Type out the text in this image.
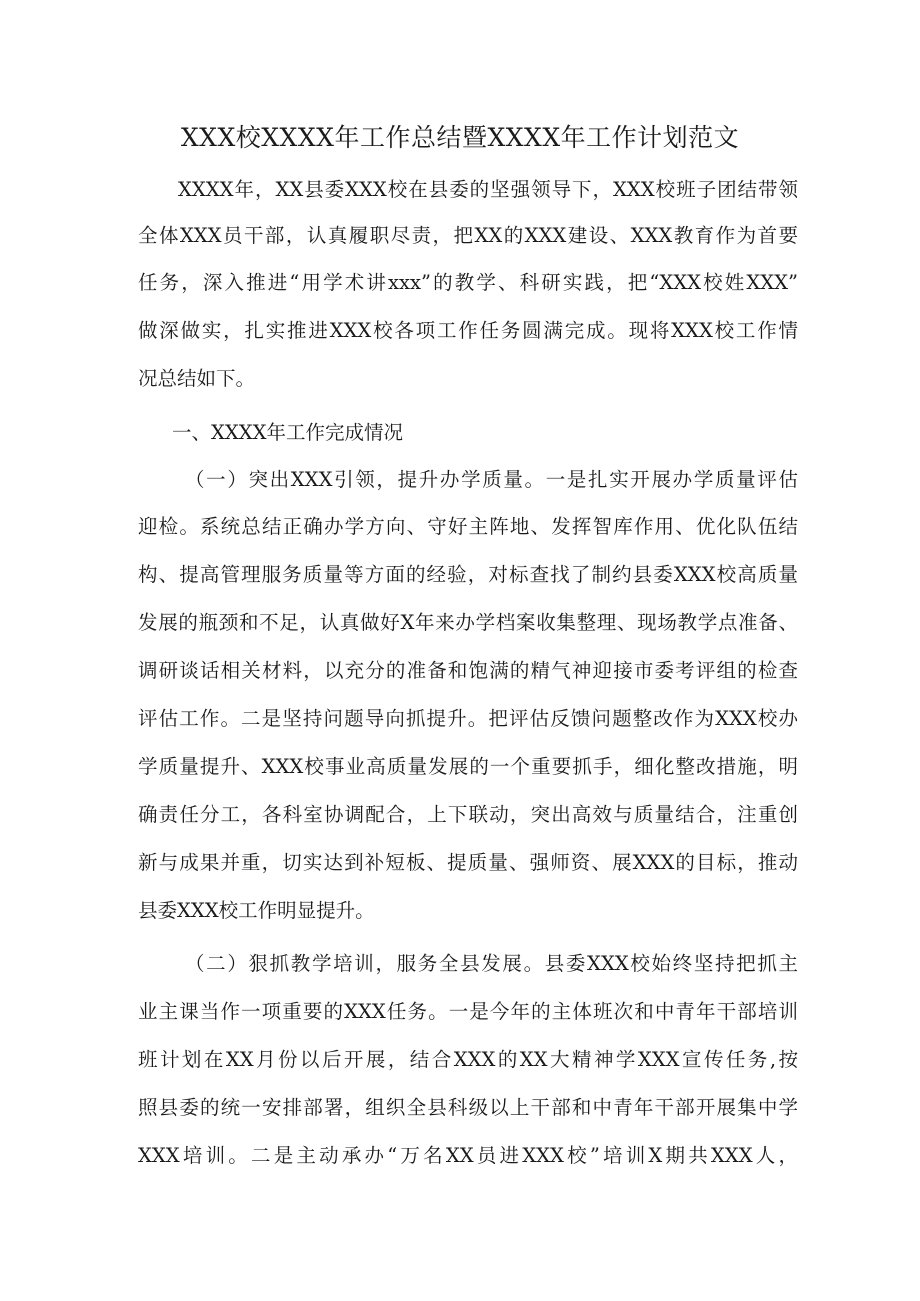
XXX校XXXX年工作总结暨XXXX年工作计划范文
XXXX年，XX县委XXX校在县委的坚强领导下，XXX校班子团结带领
全体XXX员干部，认真履职尽责，把XX的XXX建设、XXX教育作为首要
任务，深入推进“用学术讲xxx”的教学、科研实践，把“XXX校姓XXX”
做深做实，扎实推进XXX校各项工作任务圆满完成。现将XXX校工作情
况总结如下。
一、XXXX年工作完成情况
（一）突出XXX引领，提升办学质量。一是扎实开展办学质量评估
迎检。系统总结正确办学方向、守好主阵地、发挥智库作用、优化队伍结
构、提高管理服务质量等方面的经验，对标查找了制约县委XXX校高质量
发展的瓶颈和不足，认真做好X年来办学档案收集整理、现场教学点准备、
调研谈话相关材料，以充分的准备和饱满的精气神迎接市委考评组的检查
评估工作。二是坚持问题导向抓提升。把评估反馈问题整改作为XXX校办
学质量提升、XXX校事业高质量发展的一个重要抓手，细化整改措施，明
确责任分工，各科室协调配合，上下联动，突出高效与质量结合，注重创
新与成果并重，切实达到补短板、提质量、强师资、展XXX的目标，推动
县委XXX校工作明显提升。
（二）狠抓教学培训，服务全县发展。县委XXX校始终坚持把抓主
业主课当作一项重要的XXX任务。一是今年的主体班次和中青年干部培训
班计划在XX月份以后开展，结合XXX的XX大精神学XXX宣传任务,按
照县委的统一安排部署，组织全县科级以上干部和中青年干部开展集中学
XXX培训。二是主动承办“万名XX员进XXX校”培训X期共XXX人，
